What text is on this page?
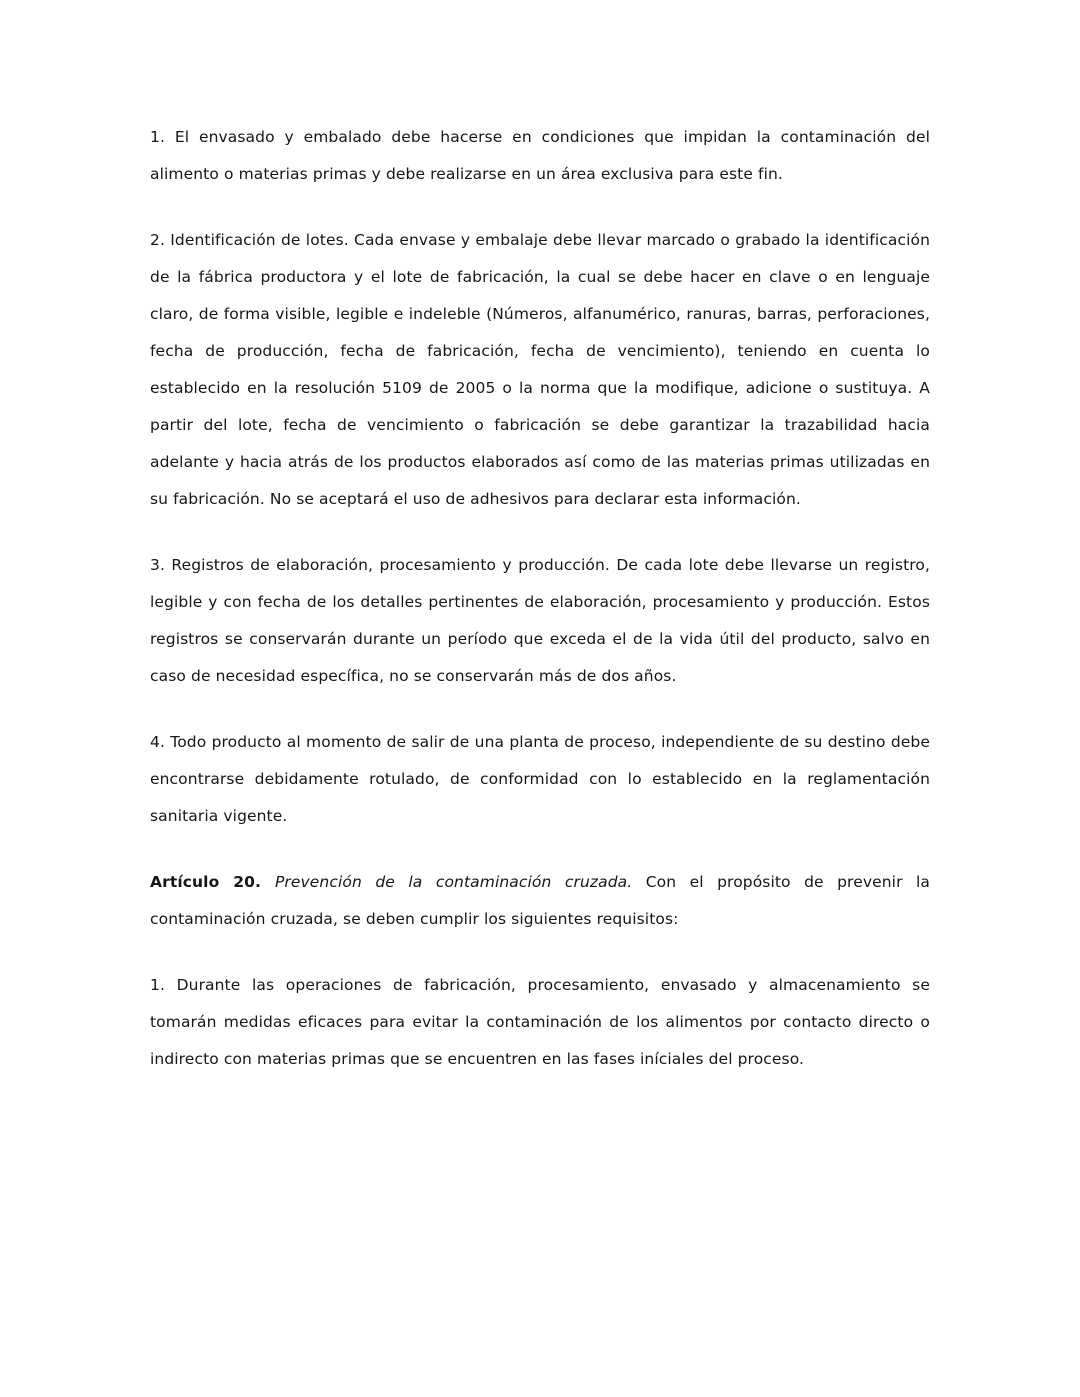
1. El envasado y embalado debe hacerse en condiciones que impidan la contaminación del alimento o materias primas y debe realizarse en un área exclusiva para este fin.

2. Identificación de lotes. Cada envase y embalaje debe llevar marcado o grabado la identificación de la fábrica productora y el lote de fabricación, la cual se debe hacer en clave o en lenguaje claro, de forma visible, legible e indeleble (Números, alfanumérico, ranuras, barras, perforaciones, fecha de producción, fecha de fabricación, fecha de vencimiento), teniendo en cuenta lo establecido en la resolución 5109 de 2005 o la norma que la modifique, adicione o sustituya. A partir del lote, fecha de vencimiento o fabricación se debe garantizar la trazabilidad hacia adelante y hacia atrás de los productos elaborados así como de las materias primas utilizadas en su fabricación. No se aceptará el uso de adhesivos para declarar esta información.

3. Registros de elaboración, procesamiento y producción. De cada lote debe llevarse un registro, legible y con fecha de los detalles pertinentes de elaboración, procesamiento y producción. Estos registros se conservarán durante un período que exceda el de la vida útil del producto, salvo en caso de necesidad específica, no se conservarán más de dos años.

4. Todo producto al momento de salir de una planta de proceso, independiente de su destino debe encontrarse debidamente rotulado, de conformidad con lo establecido en la reglamentación sanitaria vigente.

Artículo 20. Prevención de la contaminación cruzada. Con el propósito de prevenir la contaminación cruzada, se deben cumplir los siguientes requisitos:

1. Durante las operaciones de fabricación, procesamiento, envasado y almacenamiento se tomarán medidas eficaces para evitar la contaminación de los alimentos por contacto directo o indirecto con materias primas que se encuentren en las fases iníciales del proceso.
